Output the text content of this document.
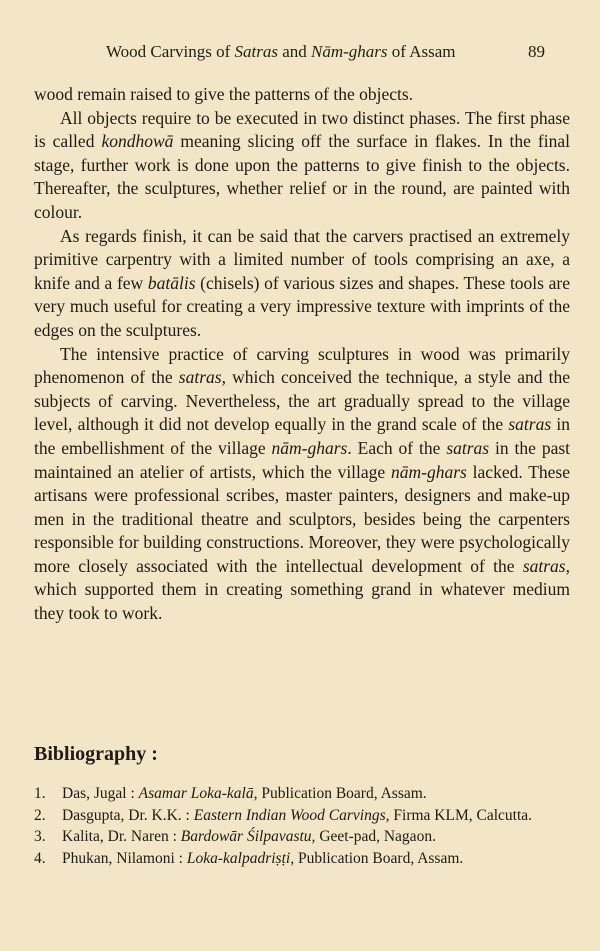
Wood Carvings of Satras and Nām-ghars of Assam	89

wood remain raised to give the patterns of the objects.

All objects require to be executed in two distinct phases. The first phase is called kondhowā meaning slicing off the surface in flakes. In the final stage, further work is done upon the patterns to give finish to the objects. Thereafter, the sculptures, whether relief or in the round, are painted with colour.

As regards finish, it can be said that the carvers practised an extremely primitive carpentry with a limited number of tools comprising an axe, a knife and a few batālis (chisels) of various sizes and shapes. These tools are very much useful for creating a very impressive texture with imprints of the edges on the sculptures.

The intensive practice of carving sculptures in wood was primarily phenomenon of the satras, which conceived the technique, a style and the subjects of carving. Nevertheless, the art gradually spread to the village level, although it did not develop equally in the grand scale of the satras in the embellishment of the village nām-ghars. Each of the satras in the past maintained an atelier of artists, which the village nām-ghars lacked. These artisans were professional scribes, master painters, designers and make-up men in the traditional theatre and sculptors, besides being the carpenters responsible for building constructions. Moreover, they were psychologically more closely associated with the intellectual development of the satras, which supported them in creating something grand in whatever medium they took to work.

Bibliography :
1. Das, Jugal : Asamar Loka-kalā, Publication Board, Assam.
2. Dasgupta, Dr. K.K. : Eastern Indian Wood Carvings, Firma KLM, Calcutta.
3. Kalita, Dr. Naren : Bardowār Śilpavastu, Geet-pad, Nagaon.
4. Phukan, Nilamoni : Loka-kalpadriṣṭi, Publication Board, Assam.
